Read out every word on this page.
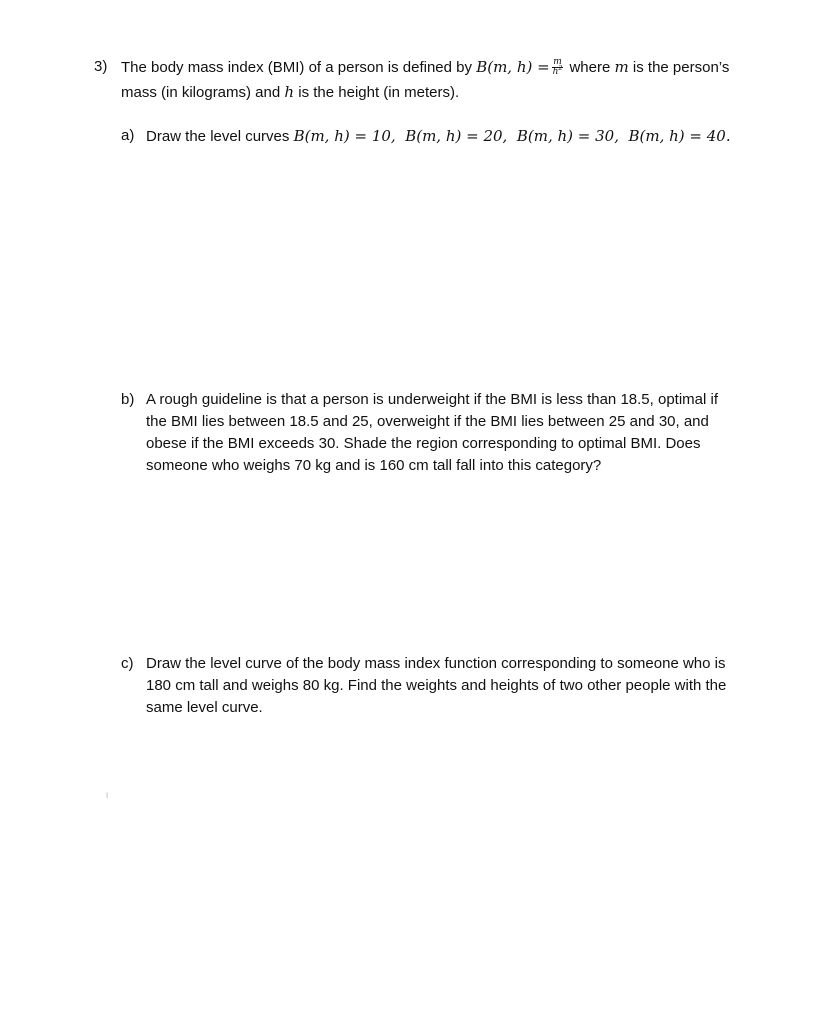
3) The body mass index (BMI) of a person is defined by B(m, $h) = \frac{m}{h^2}$ where m is the person’s
mass (in kilograms) and h is the height (in meters).
a) Draw the level curves B(m, h) = 10,  B(m, h) = 20,  B(m, h) = 30,  B(m, h) = 40.
b) A rough guideline is that a person is underweight if the BMI is less than 18.5, optimal if
the BMI lies between 18.5 and 25, overweight if the BMI lies between 25 and 30, and
obese if the BMI exceeds 30. Shade the region corresponding to optimal BMI. Does
someone who weighs 70 kg and is 160 cm tall fall into this category?
c) Draw the level curve of the body mass index function corresponding to someone who is
180 cm tall and weighs 80 kg. Find the weights and heights of two other people with the
same level curve.
ι
